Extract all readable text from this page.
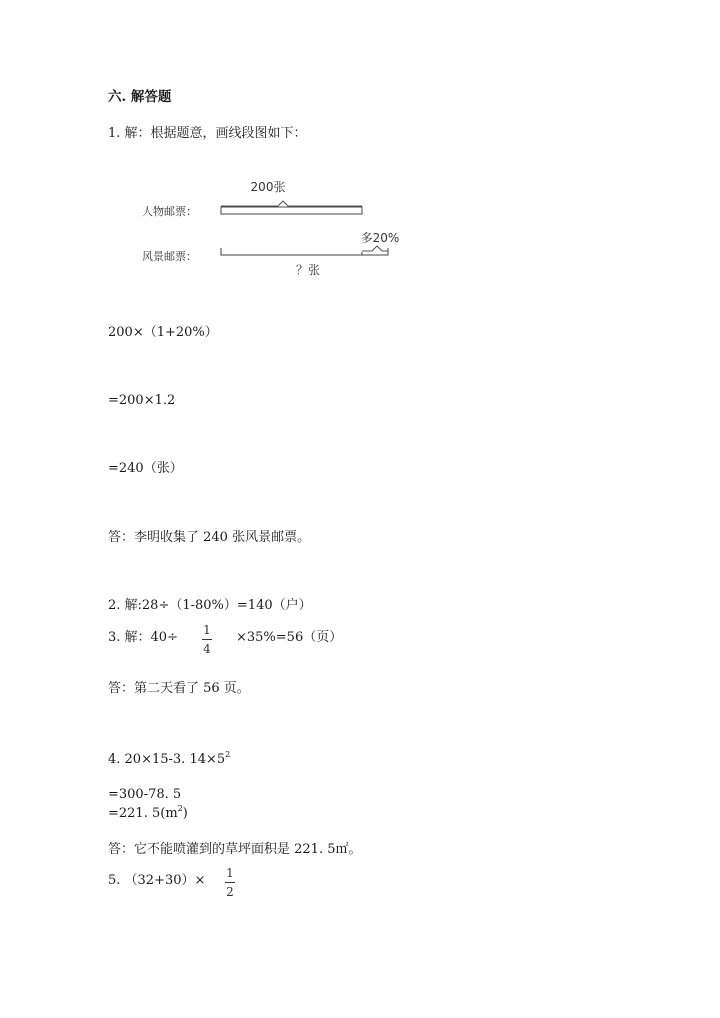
六. 解答题
1. 解：根据题意，画线段图如下：
200张
人物邮票：
多20%
风景邮票：
？张
200×（1+20%）
=200×1.2
=240（张）
答：李明收集了 240 张风景邮票。
2. 解:28÷（1-80%）=140（户）
3. 解：40÷ 1
4
×35%=56（页）
答：第二天看了 56 页。
4. 20×15-3. $14\times 5^2$
=300-78. 5
=221. $5(m^2)$
答：它不能喷灌到的草坪面积是 221. 5㎡。
5. （32+30）× 1
2
